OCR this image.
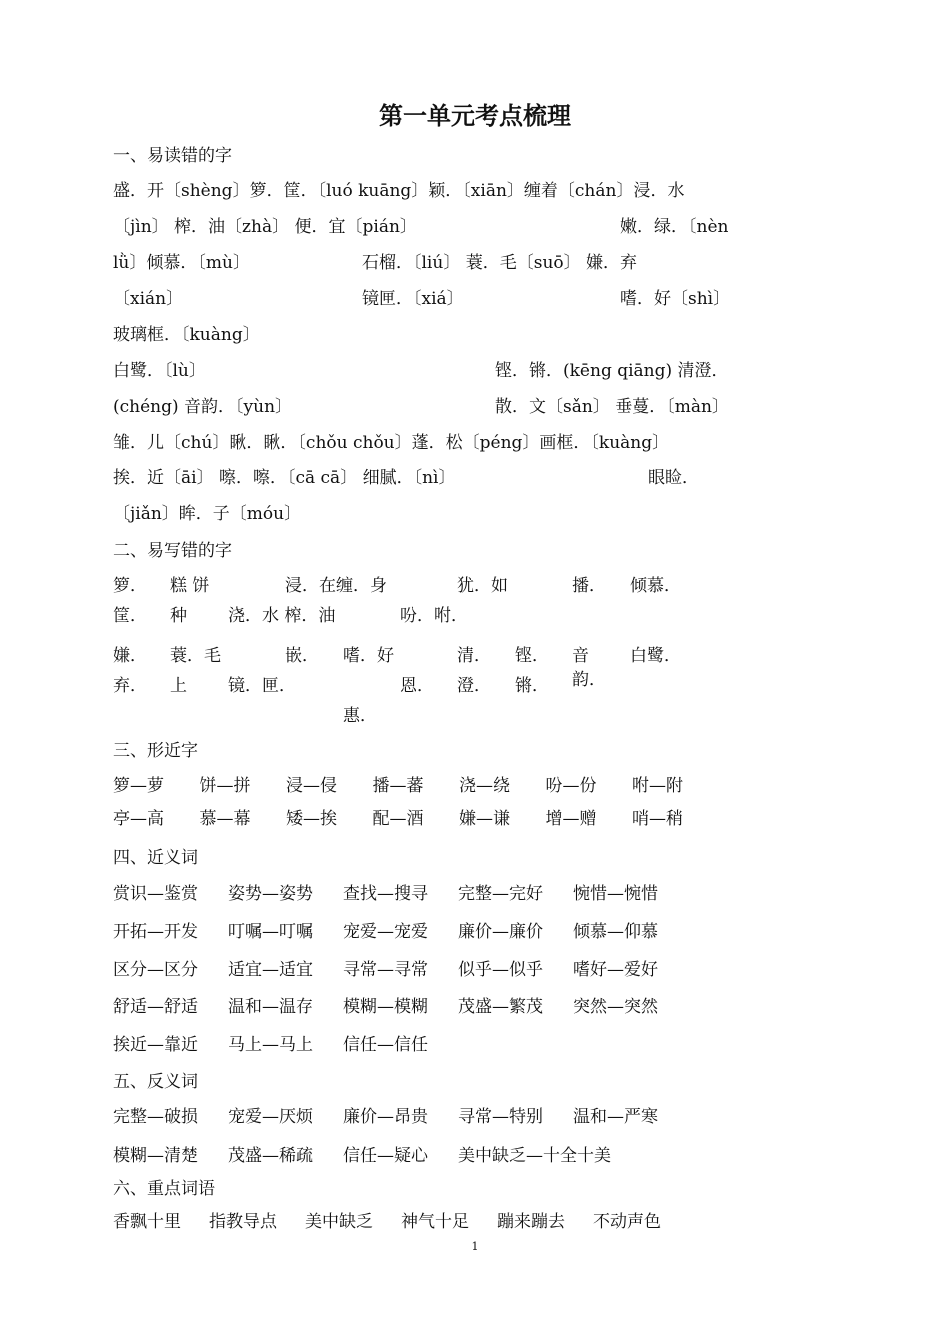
第一单元考点梳理
一、易读错的字
盛．开〔shèng〕箩．筐．〔luó kuāng〕颖．〔xiān〕缠着〔chán〕浸．水
〔jìn〕 榨．油〔zhà〕 便．宜〔pián〕	嫩．绿．〔nèn
lǜ〕倾慕．〔mù〕	石榴．〔liú〕 蓑．毛〔suō〕 嫌．弃
〔xián〕	镜匣．〔xiá〕	嗜．好〔shì〕
玻璃框．〔kuàng〕
白鹭．〔lù〕	铿．锵．(kēng qiāng) 清澄．
(chéng) 音韵．〔yùn〕	散．文〔sǎn〕 垂蔓．〔màn〕
雏．儿〔chú〕瞅．瞅．〔chǒu chǒu〕蓬．松〔péng〕画框．〔kuàng〕
挨．近〔āi〕 嚓．嚓．〔cā cā〕 细腻．〔nì〕	眼睑．
〔jiǎn〕眸．子〔móu〕
二、易写错的字
箩． 糕 饼	浸．在缠．身	犹．如	播． 倾慕．
筐． 种 浇．水 榨．油	吩．咐．
嫌． 蓑．毛	嵌． 嗜．好	清． 铿． 音 白鹭．
弃． 上 镜．匣．	恩． 澄． 锵． 韵．
惠．
三、形近字
箩—萝 饼—拼 浸—侵 播—蕃 浇—绕 吩—份 咐—附
亭—高 慕—幕 矮—挨 配—酒 嫌—谦 增—赠 哨—稍
四、近义词
赏识—鉴赏 姿势—姿势 查找—搜寻 完整—完好 惋惜—惋惜
开拓—开发 叮嘱—叮嘱 宠爱—宠爱 廉价—廉价 倾慕—仰慕
区分—区分 适宜—适宜 寻常—寻常 似乎—似乎 嗜好—爱好
舒适—舒适 温和—温存 模糊—模糊 茂盛—繁茂 突然—突然
挨近—靠近 马上—马上 信任—信任
五、反义词
完整—破损 宠爱—厌烦 廉价—昂贵 寻常—特别 温和—严寒
模糊—清楚 茂盛—稀疏 信任—疑心 美中缺乏—十全十美
六、重点词语
香飘十里 指教导点 美中缺乏 神气十足 蹦来蹦去 不动声色
1
